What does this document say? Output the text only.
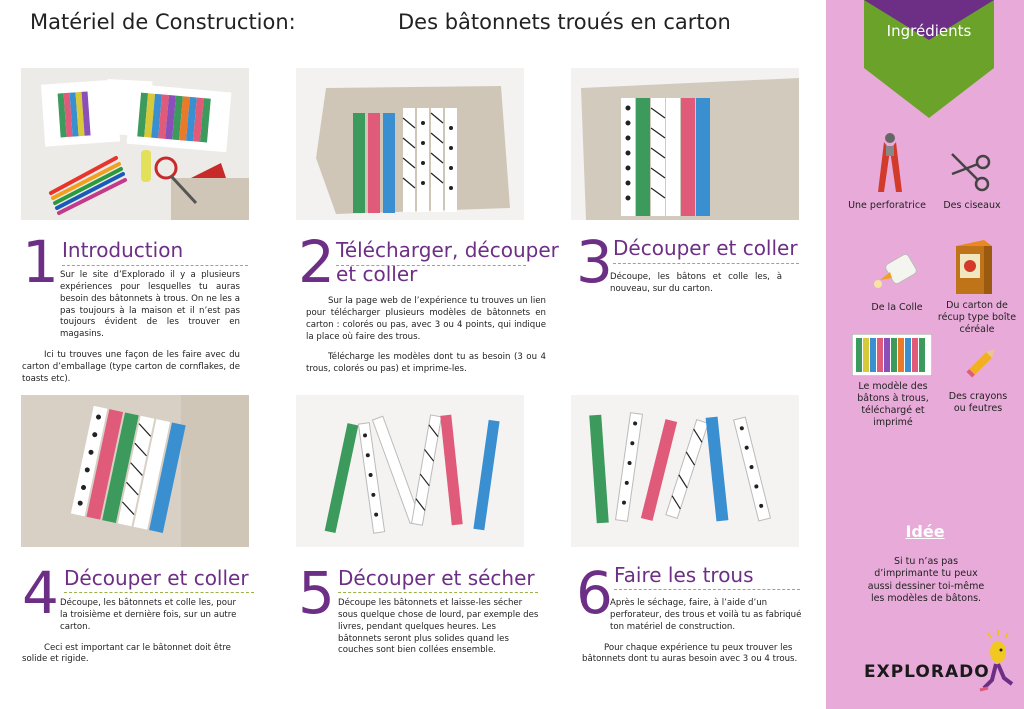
Matériel de Construction:	Des bâtonnets troués en carton
1 Introduction

Sur le site d’Explorado il y a plusieurs expériences pour lesquelles tu auras besoin des bâtonnets à trous. On ne les a pas toujours à la maison et il n’est pas toujours évident de les trouver en magasins.

Ici tu trouves une façon de les faire avec du carton d’emballage (type carton de cornflakes, de toasts etc).

2 Télécharger, découper et coller

Sur la page web de l’expérience tu trouves un lien pour télécharger plusieurs modèles de bâtonnets en carton : colorés ou pas, avec 3 ou 4 points, qui indique la place où faire des trous.

Télécharge les modèles dont tu as besoin (3 ou 4 trous, colorés ou pas) et imprime-les.

3 Découper et coller

Découpe, les bâtons et colle les, à nouveau, sur du carton.

4 Découper et coller

Découpe, les bâtonnets et colle les, pour la troisième et dernière fois, sur un autre carton.

Ceci est important car le bâtonnet doit être solide et rigide.

5 Découper et sécher

Découpe les bâtonnets et laisse-les sécher sous quelque chose de lourd, par exemple des livres, pendant quelques heures. Les bâtonnets seront plus solides quand les couches sont bien collées ensemble.

6 Faire les trous

Après le séchage, faire, à l’aide d’un perforateur, des trous et voilà tu as fabriqué ton matériel de construction.

Pour chaque expérience tu peux trouver les bâtonnets dont tu auras besoin avec 3 ou 4 trous.

Ingrédients
Une perforatrice Des ciseaux
De la Colle	Du carton de récup type boîte céréale
Le modèle des bâtons à trous, téléchargé et imprimé
Des crayons ou feutres
Idée
Si tu n’as pas d’imprimante tu peux aussi dessiner toi-même les modèles de bâtons.
EXPLORADO
